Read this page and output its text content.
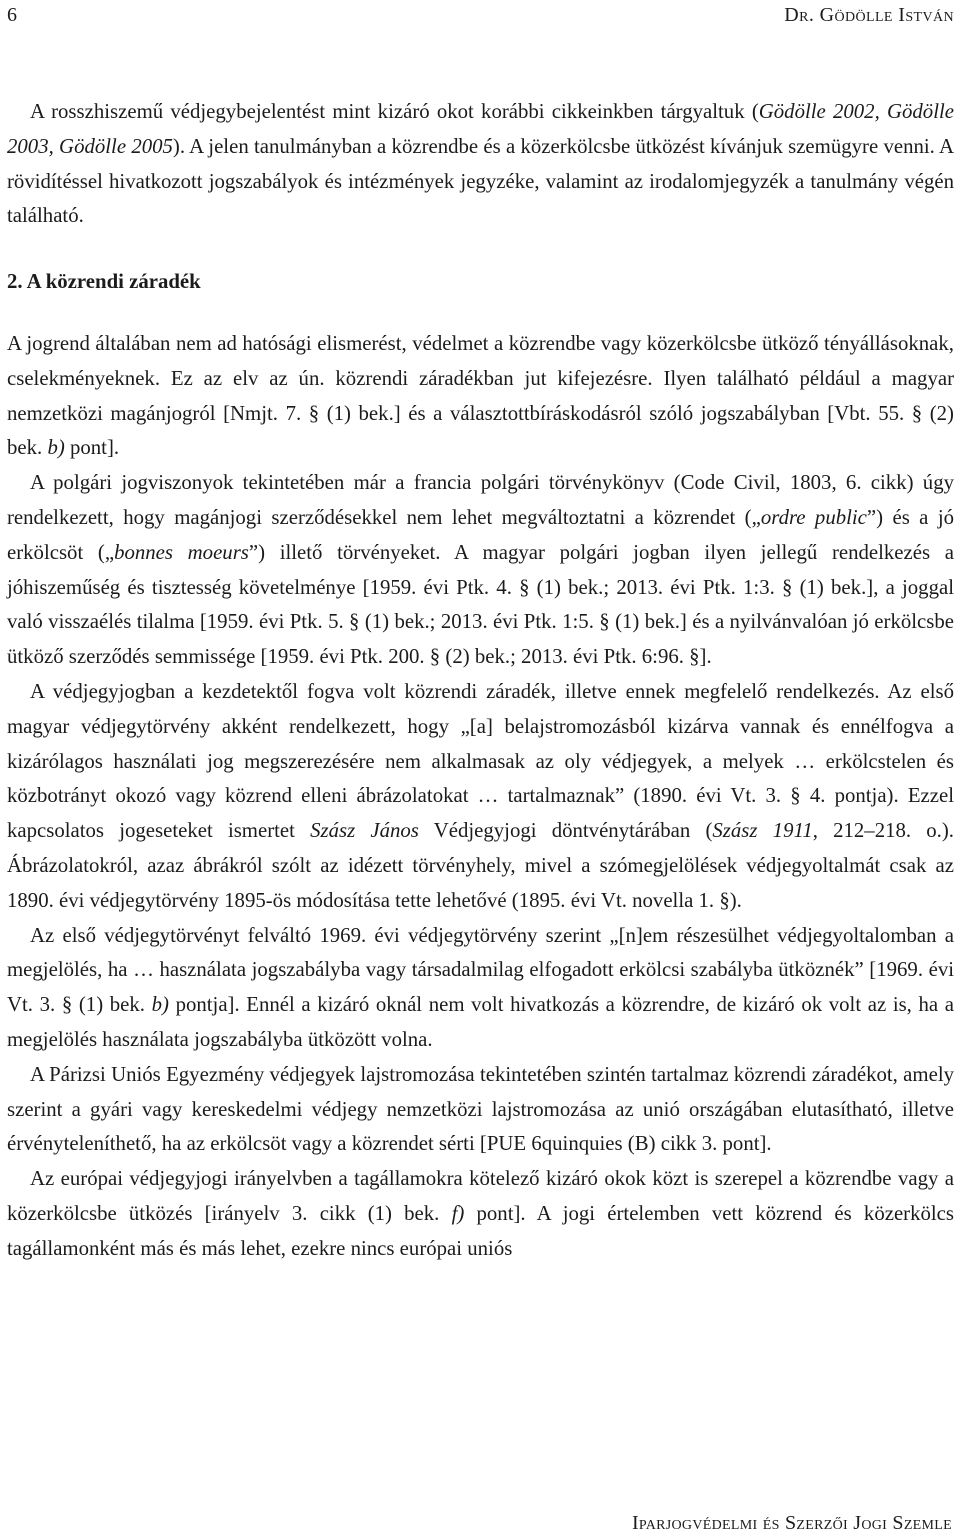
6	Dr. Gödölle István

A rosszhiszemű védjegybejelentést mint kizáró okot korábbi cikkeinkben tárgyaltuk (Gödölle 2002, Gödölle 2003, Gödölle 2005). A jelen tanulmányban a közrendbe és a közerkölcsbe ütközést kívánjuk szemügyre venni. A rövidítéssel hivatkozott jogszabályok és intézmények jegyzéke, valamint az irodalomjegyzék a tanulmány végén található.

2. A közrendi záradék

A jogrend általában nem ad hatósági elismerést, védelmet a közrendbe vagy közerkölcsbe ütköző tényállásoknak, cselekményeknek. Ez az elv az ún. közrendi záradékban jut kifejezésre. Ilyen található például a magyar nemzetközi magánjogról [Nmjt. 7. § (1) bek.] és a választottbíráskodásról szóló jogszabályban [Vbt. 55. § (2) bek. b) pont].

A polgári jogviszonyok tekintetében már a francia polgári törvénykönyv (Code Civil, 1803, 6. cikk) úgy rendelkezett, hogy magánjogi szerződésekkel nem lehet megváltoztatni a közrendet („ordre public”) és a jó erkölcsöt („bonnes moeurs”) illető törvényeket. A magyar polgári jogban ilyen jellegű rendelkezés a jóhiszeműség és tisztesség követelménye [1959. évi Ptk. 4. § (1) bek.; 2013. évi Ptk. 1:3. § (1) bek.], a joggal való visszaélés tilalma [1959. évi Ptk. 5. § (1) bek.; 2013. évi Ptk. 1:5. § (1) bek.] és a nyilvánvalóan jó erkölcsbe ütköző szerződés semmissége [1959. évi Ptk. 200. § (2) bek.; 2013. évi Ptk. 6:96. §].

A védjegyjogban a kezdetektől fogva volt közrendi záradék, illetve ennek megfelelő rendelkezés. Az első magyar védjegytörvény akként rendelkezett, hogy „[a] belajstromozásból kizárva vannak és ennélfogva a kizárólagos használati jog megszerezésére nem alkalmasak az oly védjegyek, a melyek … erkölcstelen és közbotrányt okozó vagy közrend elleni ábrázolatokat … tartalmaznak” (1890. évi Vt. 3. § 4. pontja). Ezzel kapcsolatos jogeseteket ismertet Szász János Védjegyjogi döntvénytárában (Szász 1911, 212–218. o.). Ábrázolatokról, azaz ábrákról szólt az idézett törvényhely, mivel a szómegjelölések védjegyoltalmát csak az 1890. évi védjegytörvény 1895-ös módosítása tette lehetővé (1895. évi Vt. novella 1. §).

Az első védjegytörvényt felváltó 1969. évi védjegytörvény szerint „[n]em részesülhet védjegyoltalomban a megjelölés, ha … használata jogszabályba vagy társadalmilag elfogadott erkölcsi szabályba ütköznék” [1969. évi Vt. 3. § (1) bek. b) pontja]. Ennél a kizáró oknál nem volt hivatkozás a közrendre, de kizáró ok volt az is, ha a megjelölés használata jogszabályba ütközött volna.

A Párizsi Uniós Egyezmény védjegyek lajstromozása tekintetében szintén tartalmaz közrendi záradékot, amely szerint a gyári vagy kereskedelmi védjegy nemzetközi lajstromozása az unió országában elutasítható, illetve érvényteleníthető, ha az erkölcsöt vagy a közrendet sérti [PUE 6quinquies (B) cikk 3. pont].

Az európai védjegyjogi irányelvben a tagállamokra kötelező kizáró okok közt is szerepel a közrendbe vagy a közerkölcsbe ütközés [irányelv 3. cikk (1) bek. f) pont]. A jogi értelemben vett közrend és közerkölcs tagállamonként más és más lehet, ezekre nincs európai uniós

Iparjogvédelmi és Szerzői Jogi Szemle
